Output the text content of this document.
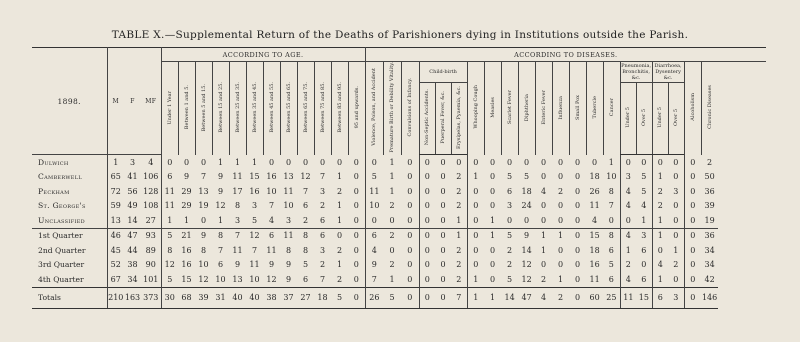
TABLE X.—Supplemental Return of the Deaths of Parishioners dying in Institutions outside the Parish.
1898.	M	F	MF	ACCORDING TO AGE.												ACCORDING TO DISEASES.																				
				Under 1 Year	Between 1 and 5.	Between 5 and 15.	Between 15 and 25.	Between 25 and 35.	Between 35 and 45.	Between 45 and 55.	Between 55 and 65.	Between 65 and 75.	Between 75 and 85.	Between 85 and 95.	95 and upwards.	Violence, Poison, and Accident	Premature Birth or Debility Vitality.	Convulsions of Infancy.	Child-birth			Whooping Cough	Measles	Scarlet Fever	Diphtheria	Enteric Fever	Influenza	Small Pox	Tubercle	Cancer	Pneumonia, Bronchitis, &c.		Diarrhoea, Dysentery &c.		Alcoholism	Chronic Diseases
																			Non-Septic Accidents.	Puerperal Fever, &c.	Erysipelas, Pyaemia, &c.										Under 5	Over 5	Under 5	Over 5		
Dulwich	1	3	4	0	0	0	1	1	1	0	0	0	0	0	0	0	1	0	0	0	0	0	0	0	0	0	0	0	0	1	0	0	0	0	0	2
Camberwell	65	41	106	6	9	7	9	11	15	16	13	12	7	1	0	5	1	0	0	0	2	1	0	5	5	0	0	0	18	10	3	5	1	0	0	50
Peckham	72	56	128	11	29	13	9	17	16	10	11	7	3	2	0	11	1	0	0	0	2	0	0	6	18	4	2	0	26	8	4	5	2	3	0	36
St. George's	59	49	108	11	29	19	12	8	3	7	10	6	2	1	0	10	2	0	0	0	2	0	0	3	24	0	0	0	11	7	4	4	2	0	0	39
Unclassified	13	14	27	1	1	0	1	3	5	4	3	2	6	1	0	0	0	0	0	0	1	0	1	0	0	0	0	0	4	0	0	1	1	0	0	19
1st Quarter	46	47	93	5	21	9	8	7	12	6	11	8	6	0	0	6	2	0	0	0	1	0	1	5	9	1	1	0	15	8	4	3	1	0	0	36
2nd Quarter	45	44	89	8	16	8	7	11	7	11	8	8	3	2	0	4	0	0	0	0	2	0	0	2	14	1	0	0	18	6	1	6	0	1	0	34
3rd Quarter	52	38	90	12	16	10	6	9	11	9	9	5	2	1	0	9	2	0	0	0	2	0	0	2	12	0	0	0	16	5	2	0	4	2	0	34
4th Quarter	67	34	101	5	15	12	10	13	10	12	9	6	7	2	0	7	1	0	0	0	2	1	0	5	12	2	1	0	11	6	4	6	1	0	0	42
Totals	210	163	373	30	68	39	31	40	40	38	37	27	18	5	0	26	5	0	0	0	7	1	1	14	47	4	2	0	60	25	11	15	6	3	0	146
